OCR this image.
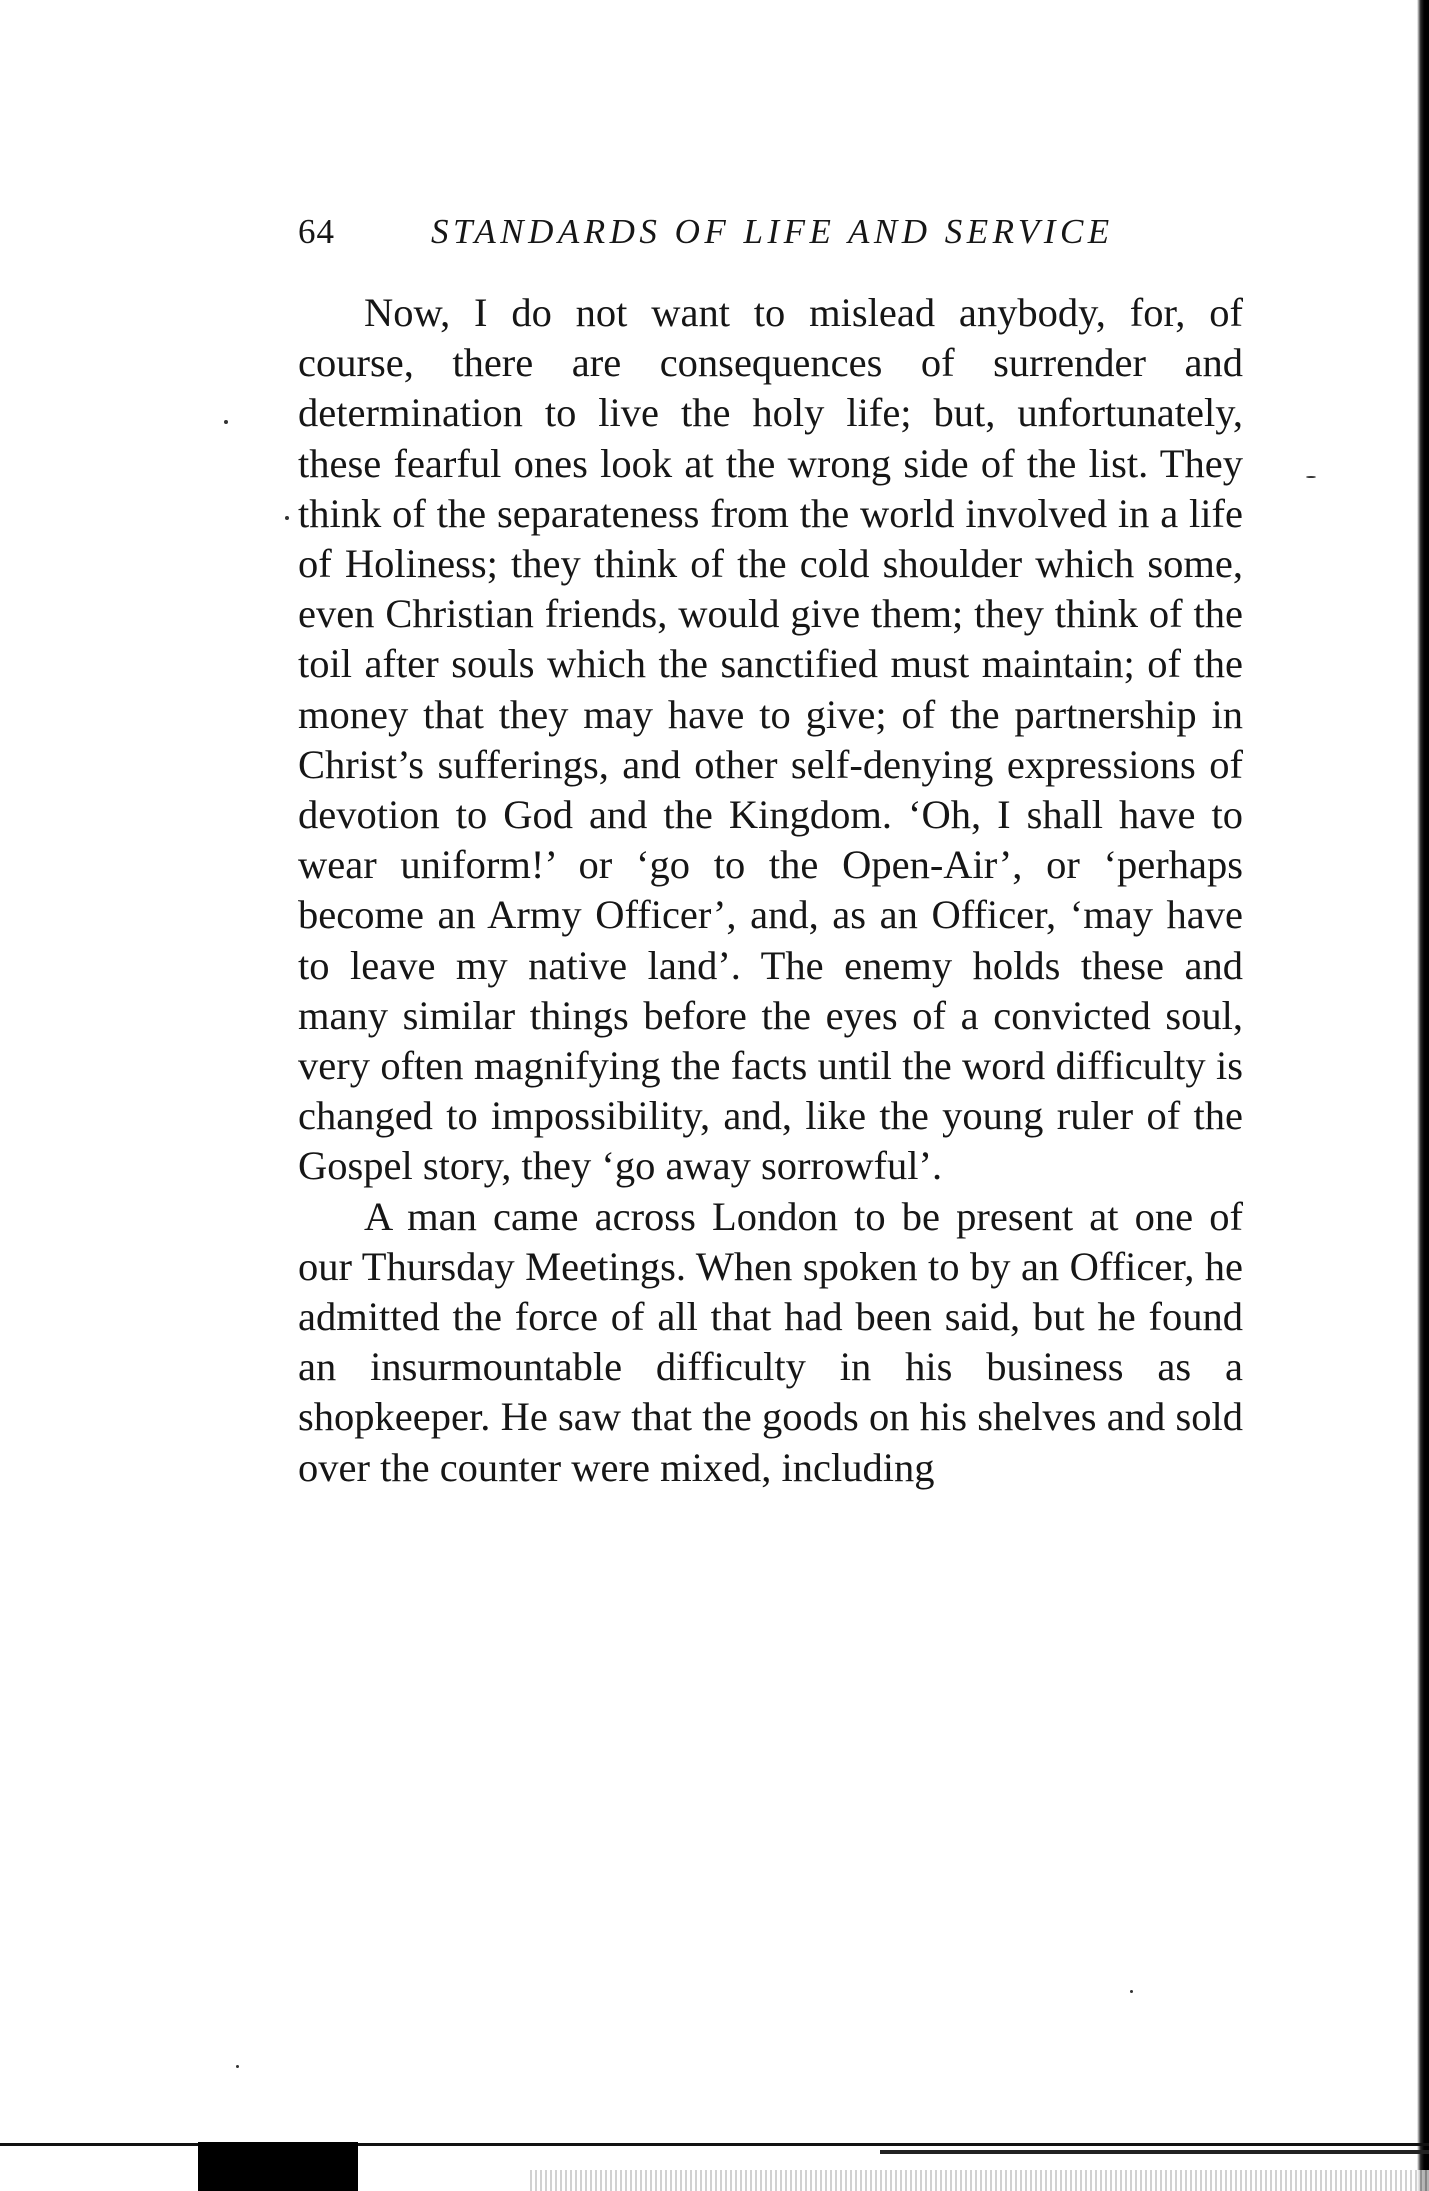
64	STANDARDS OF LIFE AND SERVICE

Now, I do not want to mislead anybody, for, of course, there are consequences of surrender and determination to live the holy life; but, unfortunately, these fearful ones look at the wrong side of the list. They think of the separateness from the world involved in a life of Holiness; they think of the cold shoulder which some, even Christian friends, would give them; they think of the toil after souls which the sanctified must maintain; of the money that they may have to give; of the partnership in Christ’s sufferings, and other self-denying expressions of devotion to God and the Kingdom. ‘Oh, I shall have to wear uniform!’ or ‘go to the Open-Air’, or ‘perhaps become an Army Officer’, and, as an Officer, ‘may have to leave my native land’. The enemy holds these and many similar things before the eyes of a convicted soul, very often magnifying the facts until the word difficulty is changed to impossibility, and, like the young ruler of the Gospel story, they ‘go away sorrowful’.

A man came across London to be present at one of our Thursday Meetings. When spoken to by an Officer, he admitted the force of all that had been said, but he found an insurmountable difficulty in his business as a shopkeeper. He saw that the goods on his shelves and sold over the counter were mixed, including
